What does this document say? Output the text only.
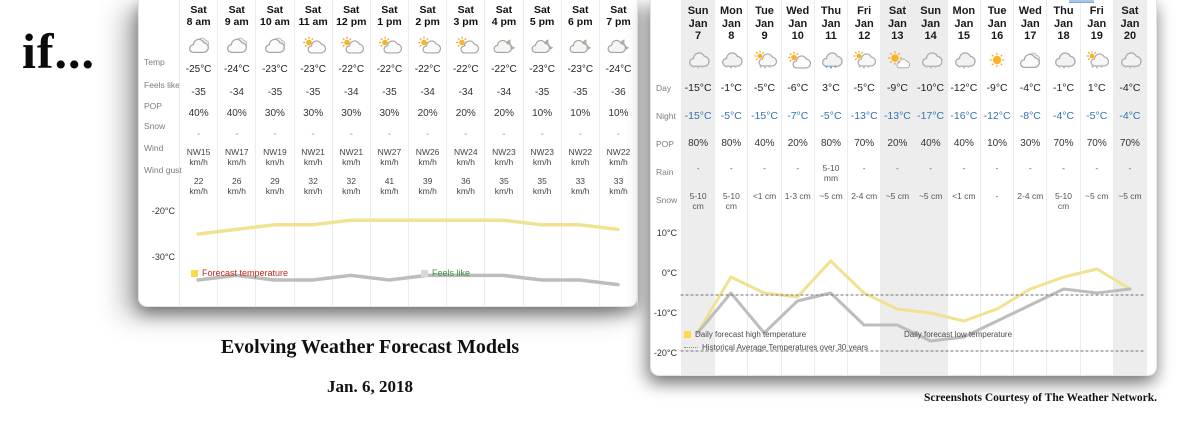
if...	Temp
Feels like
POP
Snow
Wind
Wind gust
-20°C
-30°C
Sat
8 am
-25°C
-35
40%
-
NW15 km/h
22 km/h
Sat
9 am
-24°C
-34
40%
-
NW17 km/h
26 km/h
Sat
10 am
-23°C
-35
30%
-
NW19 km/h
29 km/h
Sat
11 am
-23°C
-35
30%
-
NW21 km/h
32 km/h
Sat
12 pm
-22°C
-34
30%
-
NW21 km/h
32 km/h
Sat
1 pm
-22°C
-35
30%
-
NW27 km/h
41 km/h
Sat
2 pm
-22°C
-34
20%
-
NW26 km/h
39 km/h
Sat
3 pm
-22°C
-34
20%
-
NW24 km/h
36 km/h
Sat
4 pm
-22°C
-34
20%
-
NW23 km/h
35 km/h
Sat
5 pm
-23°C
-35
10%
-
NW23 km/h
35 km/h
Sat
6 pm
-23°C
-35
10%
-
NW22 km/h
33 km/h
Sat
7 pm
-24°C
-36
10%
-
NW22 km/h
33 km/h
Forecast temperature	Feels like
Day
Night
POP
Rain
Snow
10°C
0°C
-10°C
-20°C
Sun
Jan
7
-15°C
-15°C
80%
-
5-10 cm
Mon
Jan
8
-1°C
-5°C
80%
-
5-10 cm
Tue
Jan
9
-5°C
-15°C
40%
-
<1 cm
Wed
Jan
10
-6°C
-7°C
20%
-
1-3 cm
Thu
Jan
11
3°C
-5°C
80%
5-10 mm
~5 cm
Fri
Jan
12
-5°C
-13°C
70%
-
2-4 cm
Sat
Jan
13
-9°C
-13°C
20%
-
~5 cm
Sun
Jan
14
-10°C
-17°C
40%
-
~5 cm
Mon
Jan
15
-12°C
-16°C
40%
-
<1 cm
Tue
Jan
16
-9°C
-12°C
10%
-
-
Wed
Jan
17
-4°C
-8°C
30%
-
2-4 cm
Thu
Jan
18
-1°C
-4°C
70%
-
5-10 cm
Fri
Jan
19
1°C
-5°C
70%
-
~5 cm
Sat
Jan
20
-4°C
-4°C
70%
-
~5 cm
Daily forecast high temperature
Historical Average Temperatures over 30 years
Daily forecast low temperature
Evolving Weather Forecast Models
Jan. 6, 2018
Screenshots Courtesy of The Weather Network.
